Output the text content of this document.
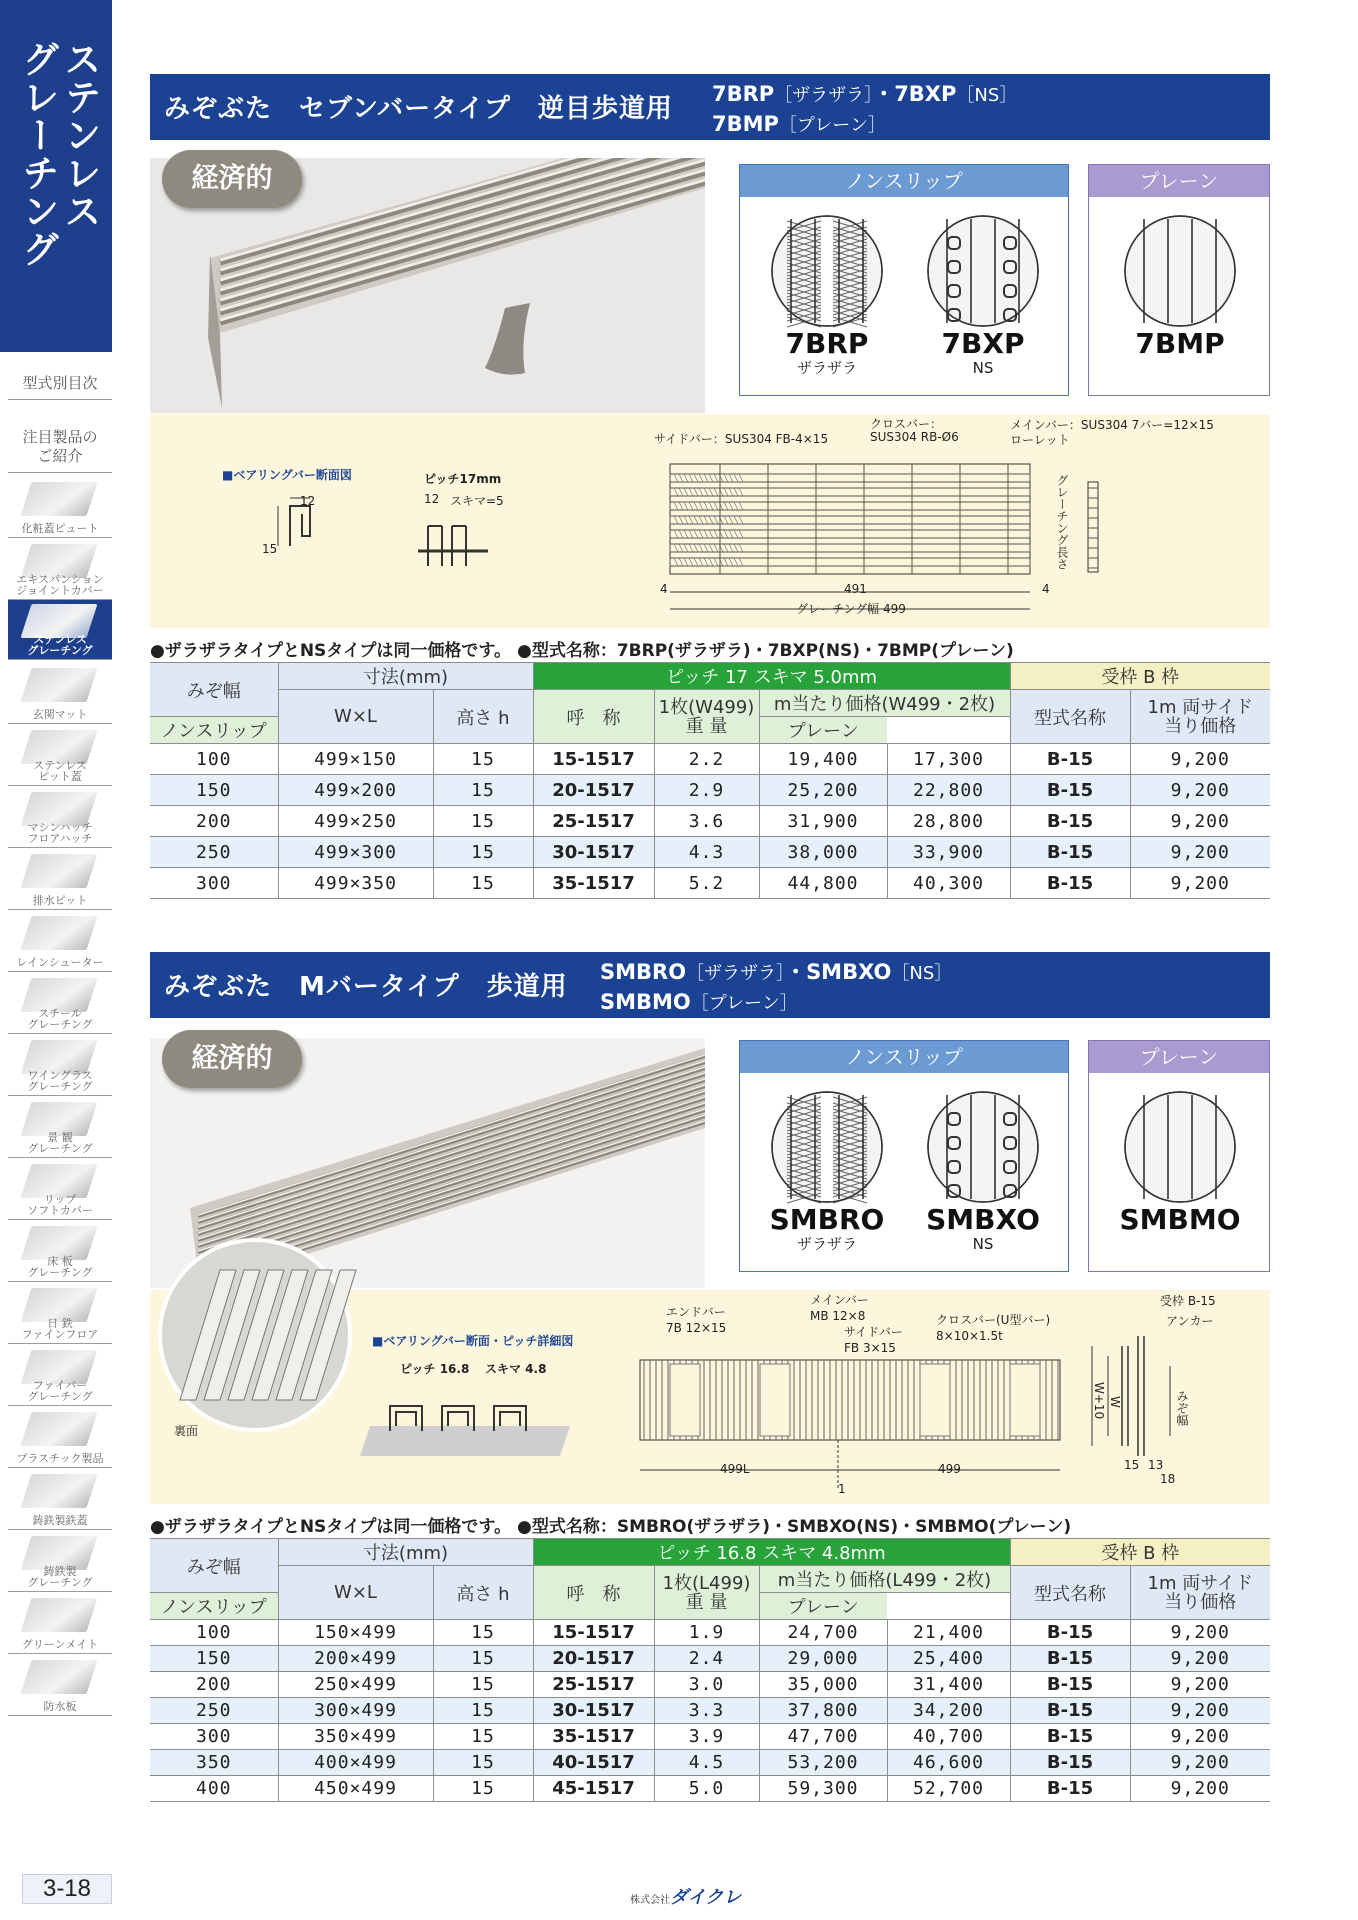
ステンレス
グレーチング
型式別目次
注目製品の
ご紹介
化粧蓋ピュート
エキスパンション
ジョイントカバー
ステンレス
グレーチング
玄関マット
ステンレス
ピット蓋
マシンハッチ
フロアハッチ
排水ピット
レインシューター
スチール
グレーチング
ワイングラス
グレーチング
景 観
グレーチング
リップ
ソフトカバー
床 板
グレーチング
日 鉄
ファインフロア
ファイバー
グレーチング
プラスチック製品
鋳鉄製鉄蓋
鋳鉄製
グレーチング
グリーンメイト
防水板
3-18
みぞぶた　セブンバータイプ　逆目歩道用 7BRP［ザラザラ］・7BXP［NS］
7BMP［プレーン］
経済的	ノンスリップ
7BRP
ザラザラ
7BXP
NS
プレーン
7BMP
■ベアリングバー断面図
12
15
ピッチ17mm
12 スキマ=5
サイドバー：SUS304 FB-4×15
クロスバー：
SUS304 RB-Ø6
メインバー：SUS304 7バー=12×15
ローレット
グレーチング長さ
4	491	4
グレーチング幅 499
●ザラザラタイプとNSタイプは同一価格です。 ●型式名称：7BRP(ザラザラ)・7BXP(NS)・7BMP(プレーン)
みぞ幅	寸法(mm)		ピッチ 17 スキマ 5.0mm				受枠 B 枠	
	W×L	高さ h	呼　称	1枚(W499)
重 量	m当たり価格(W499・2枚)		型式名称	1m 両サイド
当り価格
ノンスリップ					プレーン			
100	499×150	15	15-1517	2.2	19,400	17,300	B-15	9,200
150	499×200	15	20-1517	2.9	25,200	22,800	B-15	9,200
200	499×250	15	25-1517	3.6	31,900	28,800	B-15	9,200
250	499×300	15	30-1517	4.3	38,000	33,900	B-15	9,200
300	499×350	15	35-1517	5.2	44,800	40,300	B-15	9,200
みぞぶた　Mバータイプ　歩道用 SMBRO［ザラザラ］・SMBXO［NS］
SMBMO［プレーン］
経済的	ノンスリップ
SMBRO
ザラザラ
SMBXO
NS
プレーン
SMBMO
裏面
■ベアリングバー断面・ピッチ詳細図
ピッチ 16.8 スキマ 4.8
エンドバー
7B 12×15
メインバー
MB 12×8
サイドバー
FB 3×15
クロスバー(U型バー)
8×10×1.5t
499L	499
1
受枠 B-15
アンカー
W+10 W	みぞ幅
15 13
18
●ザラザラタイプとNSタイプは同一価格です。 ●型式名称：SMBRO(ザラザラ)・SMBXO(NS)・SMBMO(プレーン)
みぞ幅	寸法(mm)		ピッチ 16.8 スキマ 4.8mm				受枠 B 枠	
	W×L	高さ h	呼　称	1枚(L499)
重 量	m当たり価格(L499・2枚)		型式名称	1m 両サイド
当り価格
ノンスリップ					プレーン			
100	150×499	15	15-1517	1.9	24,700	21,400	B-15	9,200
150	200×499	15	20-1517	2.4	29,000	25,400	B-15	9,200
200	250×499	15	25-1517	3.0	35,000	31,400	B-15	9,200
250	300×499	15	30-1517	3.3	37,800	34,200	B-15	9,200
300	350×499	15	35-1517	3.9	47,700	40,700	B-15	9,200
350	400×499	15	40-1517	4.5	53,200	46,600	B-15	9,200
400	450×499	15	45-1517	5.0	59,300	52,700	B-15	9,200
株式会社ダイクレ
